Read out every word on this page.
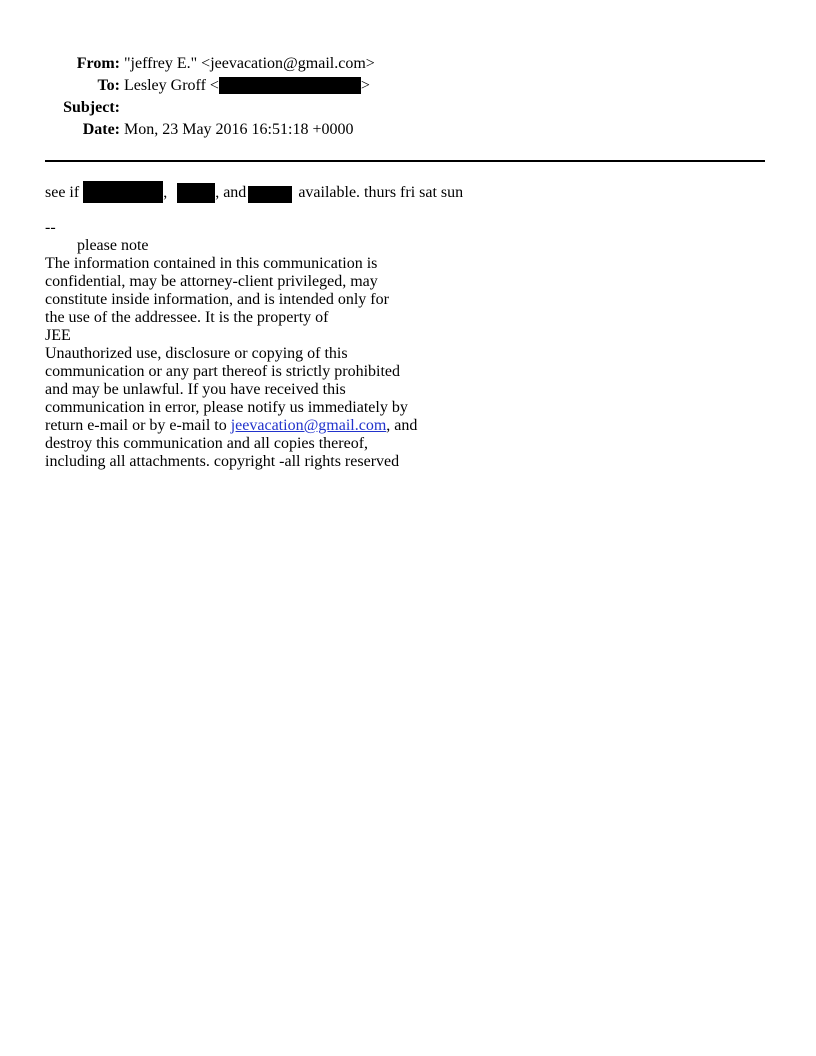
From: "jeffrey E." <jeevacation@gmail.com>
To: Lesley Groff <	>
Subject:
Date: Mon, 23 May 2016 16:51:18 +0000
see if	,	, and	available. thurs fri sat sun
--
please note
The information contained in this communication is
confidential, may be attorney-client privileged, may
constitute inside information, and is intended only for
the use of the addressee. It is the property of
JEE
Unauthorized use, disclosure or copying of this
communication or any part thereof is strictly prohibited
and may be unlawful. If you have received this
communication in error, please notify us immediately by
return e-mail or by e-mail to jeevacation@gmail.com, and
destroy this communication and all copies thereof,
including all attachments. copyright -all rights reserved
